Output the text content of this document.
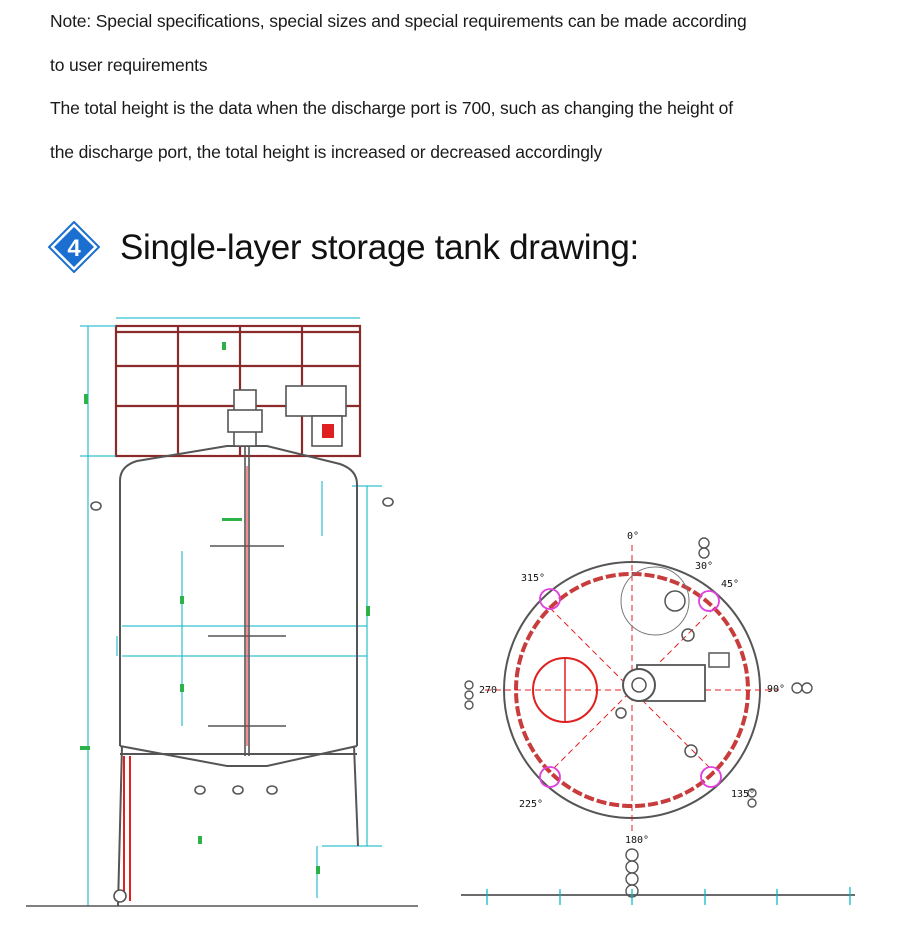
Note: Special specifications, special sizes and special requirements can be made according

to user requirements

The total height is the data when the discharge port is 700, such as changing the height of

the discharge port, the total height is increased or decreased accordingly

4 Single-layer storage tank drawing:
0°
30°
45°
90°
135°
180°
225°
270
315°
